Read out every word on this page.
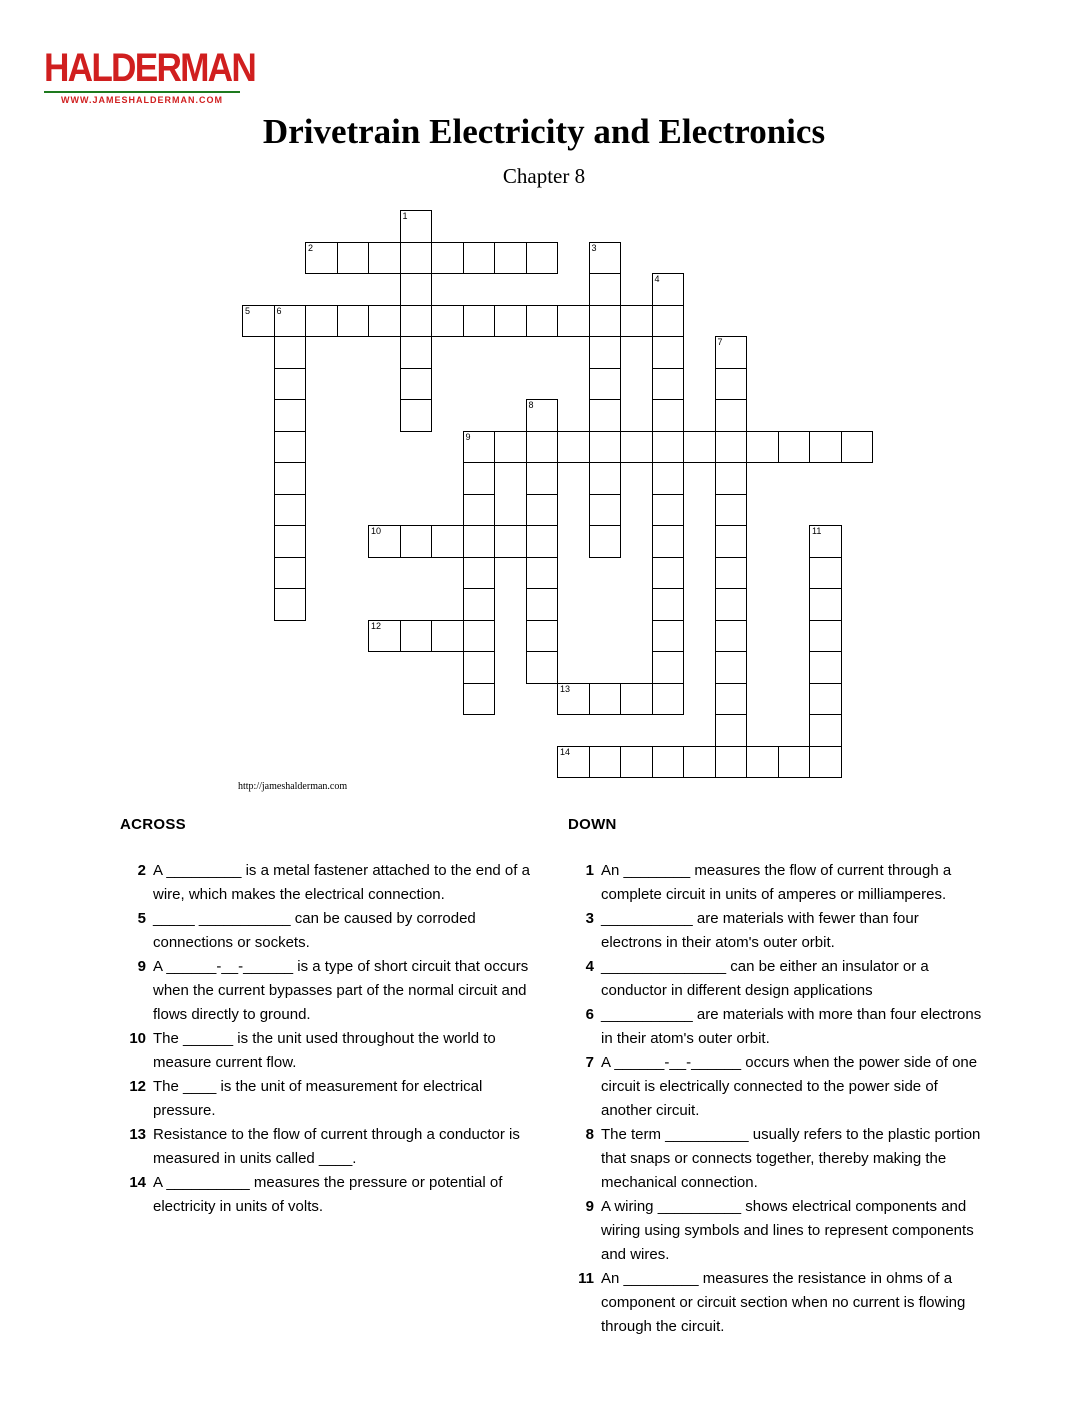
HALDERMAN
WWW.JAMESHALDERMAN.COM
Drivetrain Electricity and Electronics
Chapter 8
1
2	3
4
5	6
7
8
9
10	11
12
13
14
http://jameshalderman.com
ACROSS
2 A _________ is a metal fastener attached to the end of a wire, which makes the electrical connection.
5 _____ ___________ can be caused by corroded connections or sockets.
9 A ______-__-______ is a type of short circuit that occurs when the current bypasses part of the normal circuit and flows directly to ground.
10 The ______ is the unit used throughout the world to measure current flow.
12 The ____ is the unit of measurement for electrical pressure.
13 Resistance to the flow of current through a conductor is measured in units called ____.
14 A __________ measures the pressure or potential of electricity in units of volts.
DOWN
1 An ________ measures the flow of current through a complete circuit in units of amperes or milliamperes.
3 ___________ are materials with fewer than four electrons in their atom's outer orbit.
4 _______________ can be either an insulator or a conductor in different design applications
6 ___________ are materials with more than four electrons in their atom's outer orbit.
7 A ______-__-______ occurs when the power side of one circuit is electrically connected to the power side of another circuit.
8 The term __________ usually refers to the plastic portion that snaps or connects together, thereby making the mechanical connection.
9 A wiring __________ shows electrical components and wiring using symbols and lines to represent components and wires.
11 An _________ measures the resistance in ohms of a component or circuit section when no current is flowing through the circuit.
